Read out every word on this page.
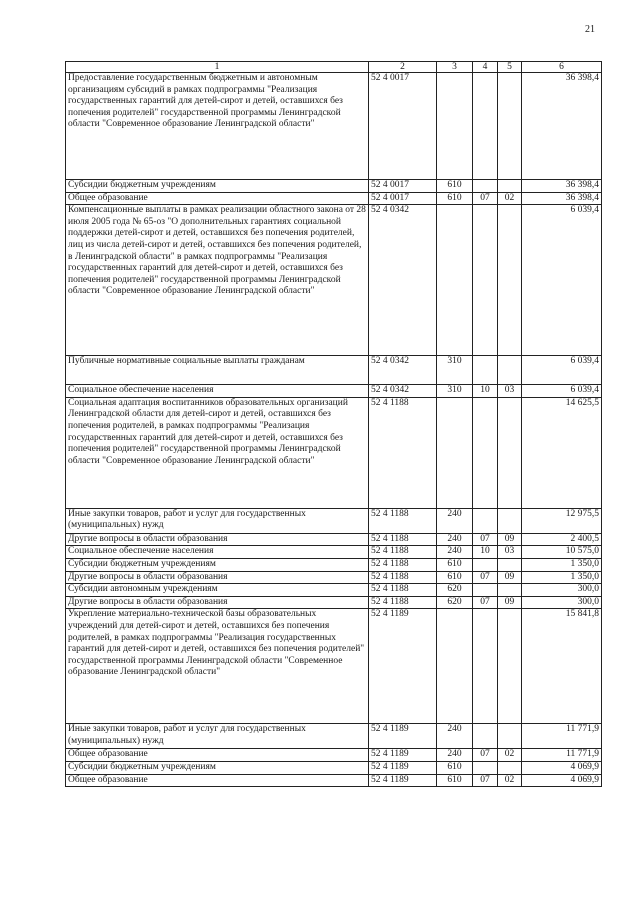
21
1	2	3	4	5	6
Предоставление государственным бюджетным и автономным организациям субсидий в рамках подпрограммы "Реализация государственных гарантий для детей-сирот и детей, оставшихся без попечения родителей" государственной программы Ленинградской области "Современное образование Ленинградской области"	52 4 0017				36 398,4
Субсидии бюджетным учреждениям	52 4 0017	610			36 398,4
Общее образование	52 4 0017	610	07	02	36 398,4
Компенсационные выплаты в рамках реализации областного закона от 28 июля 2005 года № 65-оз "О дополнительных гарантиях социальной поддержки детей-сирот и детей, оставшихся без попечения родителей, лиц из числа детей-сирот и детей, оставшихся без попечения родителей, в Ленинградской области" в рамках подпрограммы "Реализация государственных гарантий для детей-сирот и детей, оставшихся без попечения родителей" государственной программы Ленинградской области "Современное образование Ленинградской области"	52 4 0342				6 039,4
Публичные нормативные социальные выплаты гражданам	52 4 0342	310			6 039,4
Социальное обеспечение населения	52 4 0342	310	10	03	6 039,4
Социальная адаптация воспитанников образовательных организаций Ленинградской области для детей-сирот и детей, оставшихся без попечения родителей, в рамках подпрограммы "Реализация государственных гарантий для детей-сирот и детей, оставшихся без попечения родителей" государственной программы Ленинградской области "Современное образование Ленинградской области"	52 4 1188				14 625,5
Иные закупки товаров, работ и услуг для государственных (муниципальных) нужд	52 4 1188	240			12 975,5
Другие вопросы в области образования	52 4 1188	240	07	09	2 400,5
Социальное обеспечение населения	52 4 1188	240	10	03	10 575,0
Субсидии бюджетным учреждениям	52 4 1188	610			1 350,0
Другие вопросы в области образования	52 4 1188	610	07	09	1 350,0
Субсидии автономным учреждениям	52 4 1188	620			300,0
Другие вопросы в области образования	52 4 1188	620	07	09	300,0
Укрепление материально-технической базы образовательных учреждений для детей-сирот и детей, оставшихся без попечения родителей, в рамках подпрограммы "Реализация государственных гарантий для детей-сирот и детей, оставшихся без попечения родителей" государственной программы Ленинградской области "Современное образование Ленинградской области"	52 4 1189				15 841,8
Иные закупки товаров, работ и услуг для государственных (муниципальных) нужд	52 4 1189	240			11 771,9
Общее образование	52 4 1189	240	07	02	11 771,9
Субсидии бюджетным учреждениям	52 4 1189	610			4 069,9
Общее образование	52 4 1189	610	07	02	4 069,9
